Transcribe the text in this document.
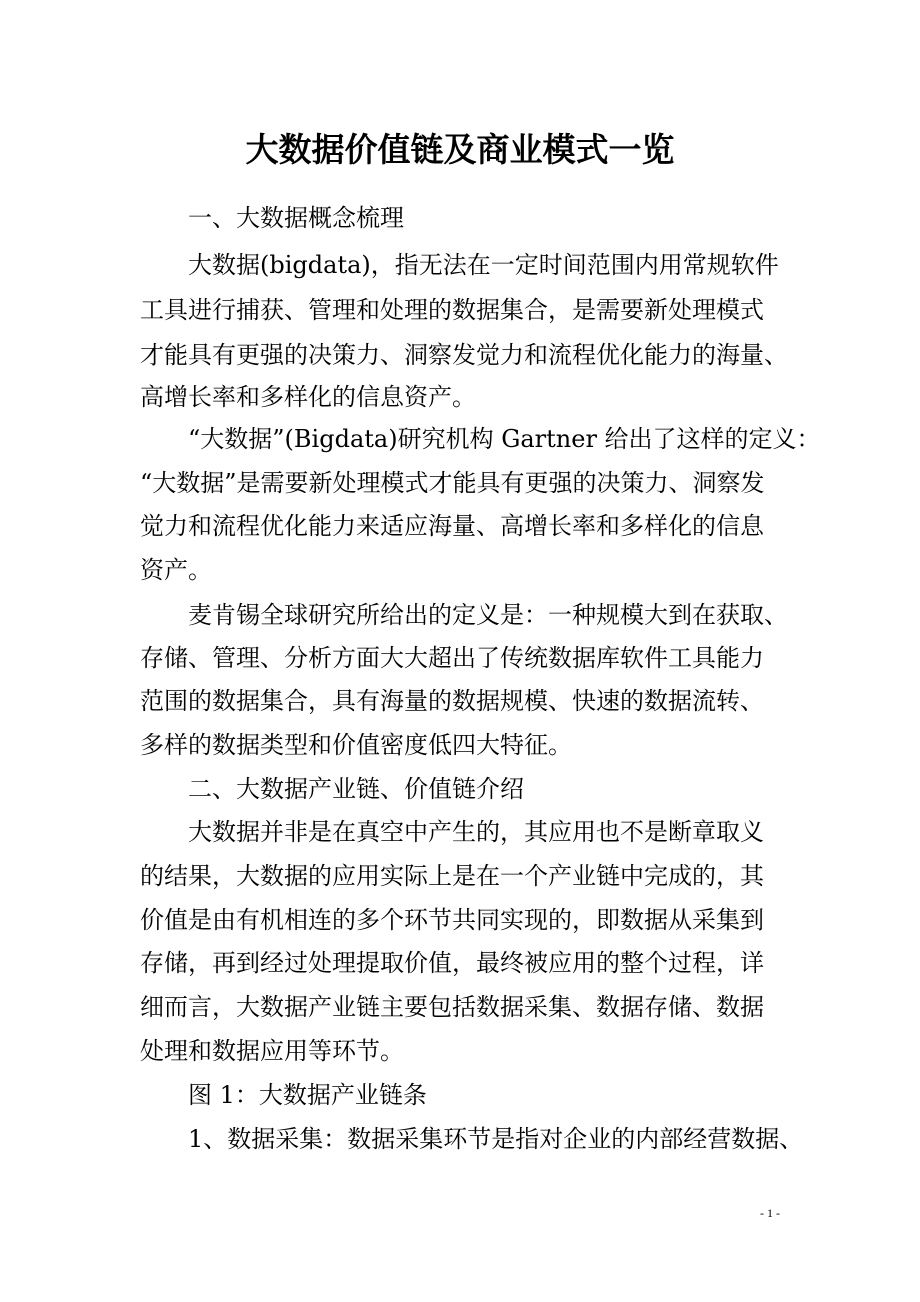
大数据价值链及商业模式一览
一、大数据概念梳理
大数据(bigdata)，指无法在一定时间范围内用常规软件
工具进行捕获、管理和处理的数据集合，是需要新处理模式
才能具有更强的决策力、洞察发觉力和流程优化能力的海量、
高增长率和多样化的信息资产。
“大数据”(Bigdata)研究机构 Gartner 给出了这样的定义：
“大数据”是需要新处理模式才能具有更强的决策力、洞察发
觉力和流程优化能力来适应海量、高增长率和多样化的信息
资产。
麦肯锡全球研究所给出的定义是：一种规模大到在获取、
存储、管理、分析方面大大超出了传统数据库软件工具能力
范围的数据集合，具有海量的数据规模、快速的数据流转、
多样的数据类型和价值密度低四大特征。
二、大数据产业链、价值链介绍
大数据并非是在真空中产生的，其应用也不是断章取义
的结果，大数据的应用实际上是在一个产业链中完成的，其
价值是由有机相连的多个环节共同实现的，即数据从采集到
存储，再到经过处理提取价值，最终被应用的整个过程，详
细而言，大数据产业链主要包括数据采集、数据存储、数据
处理和数据应用等环节。
图 1：大数据产业链条
1、数据采集：数据采集环节是指对企业的内部经营数据、
- 1 -
